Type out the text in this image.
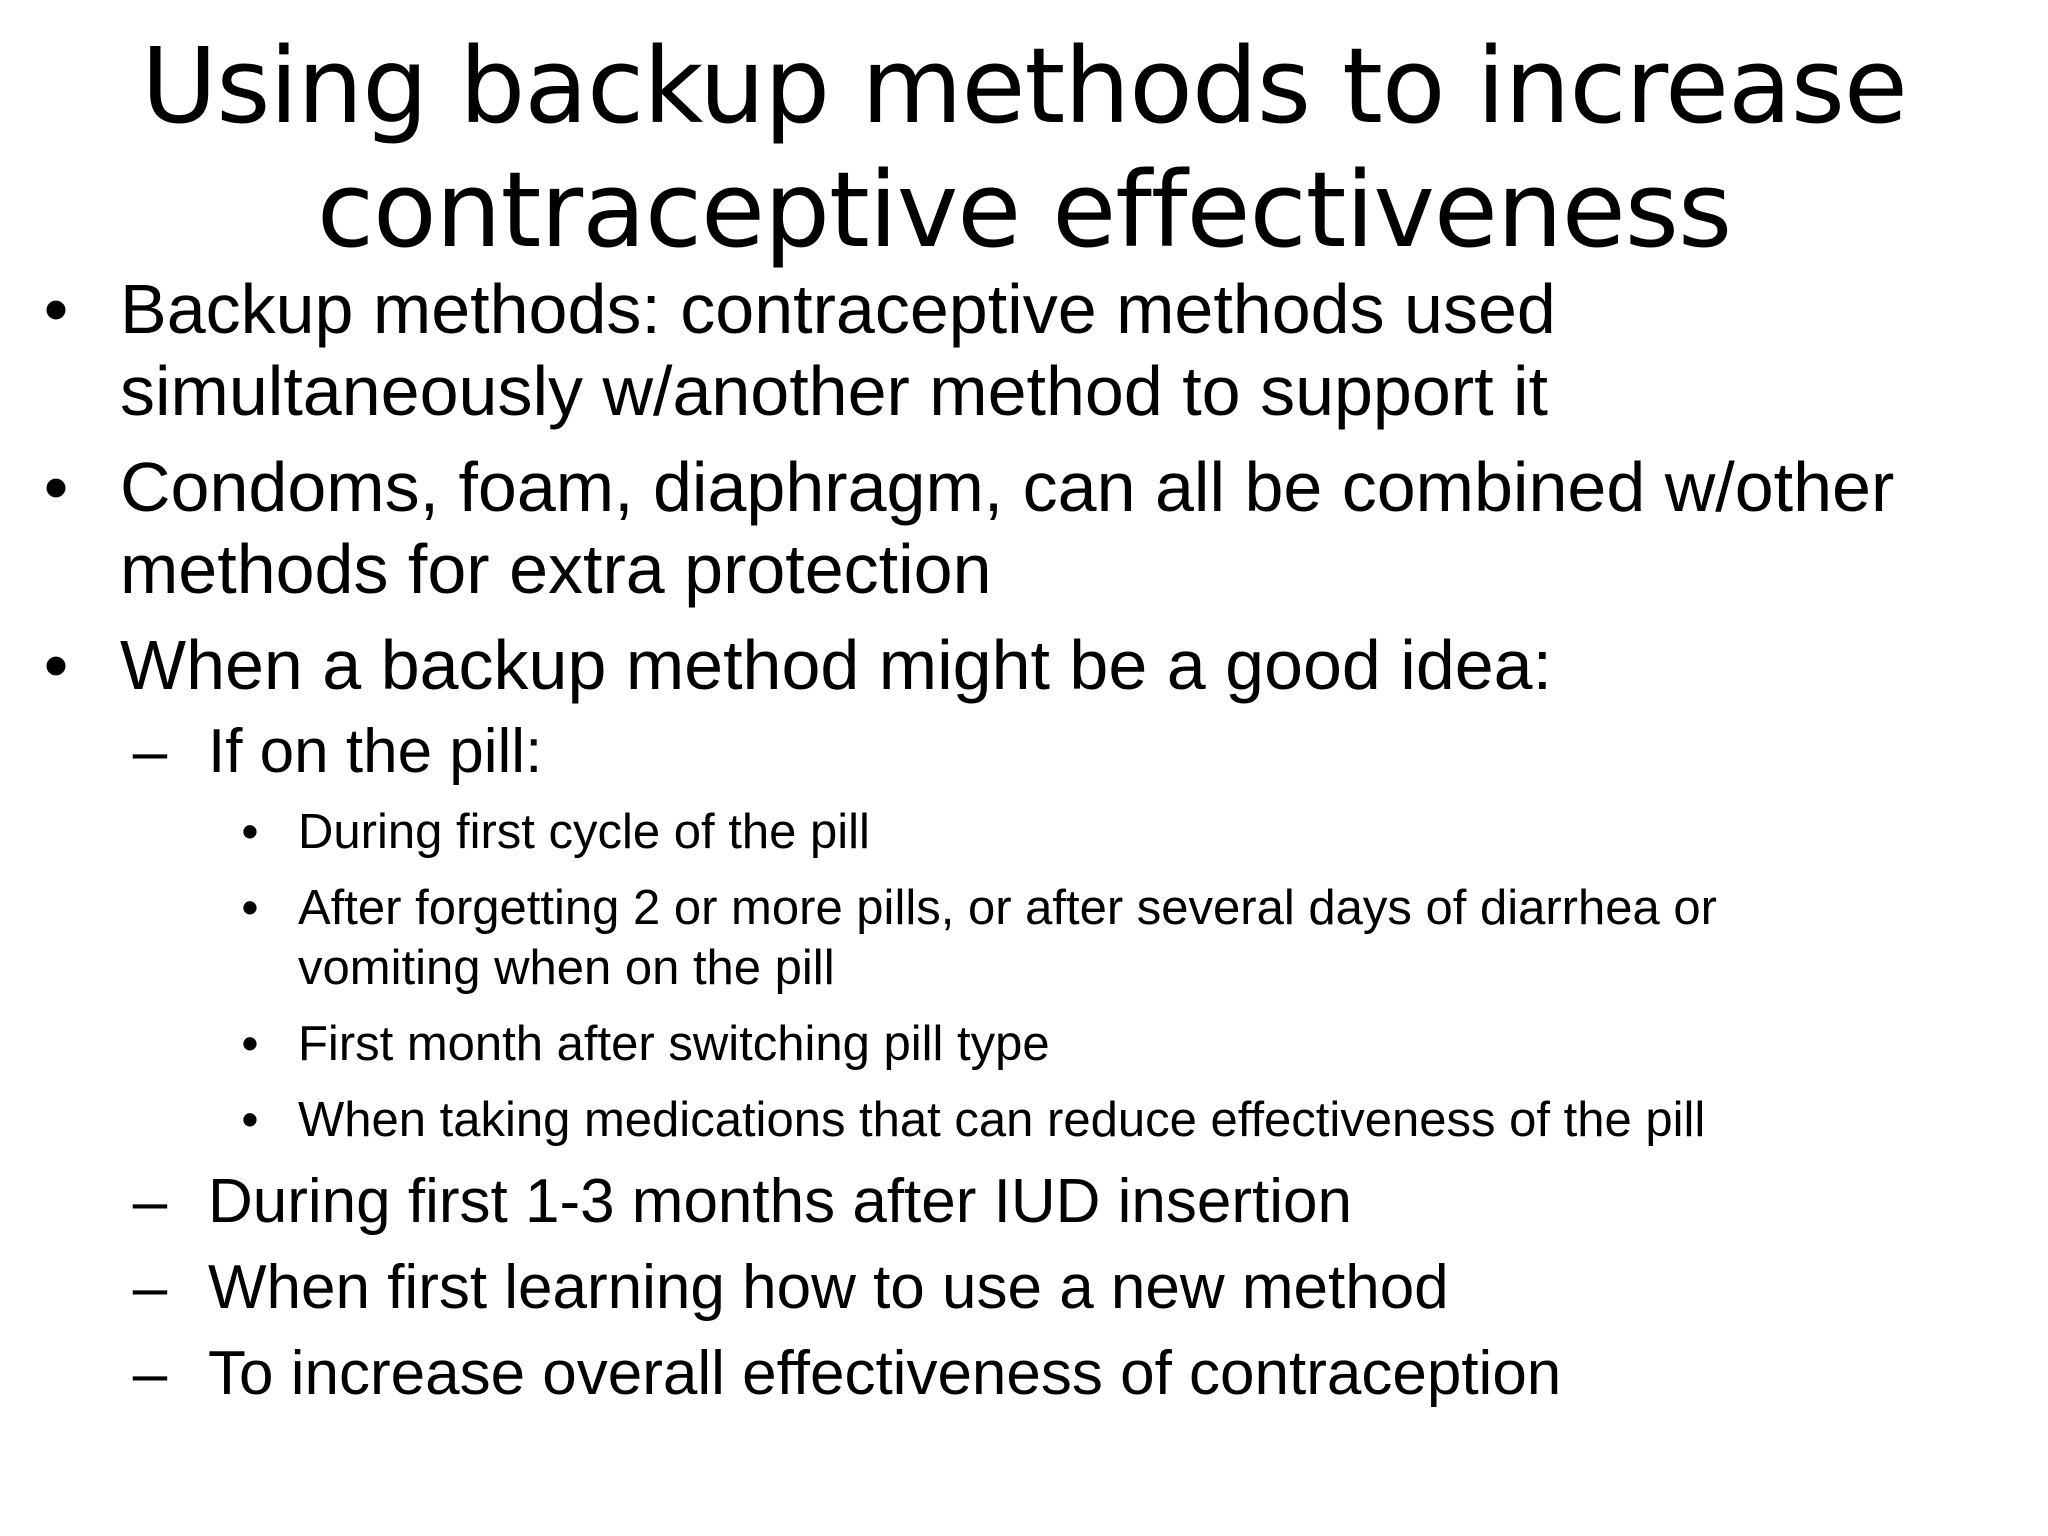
Using backup methods to increase
contraceptive effectiveness
• Backup methods: contraceptive methods used
simultaneously w/another method to support it
• Condoms, foam, diaphragm, can all be combined w/other
methods for extra protection
• When a backup method might be a good idea:
– If on the pill:
• During first cycle of the pill
• After forgetting 2 or more pills, or after several days of diarrhea or
vomiting when on the pill
• First month after switching pill type
• When taking medications that can reduce effectiveness of the pill
– During first 1-3 months after IUD insertion
– When first learning how to use a new method
– To increase overall effectiveness of contraception
